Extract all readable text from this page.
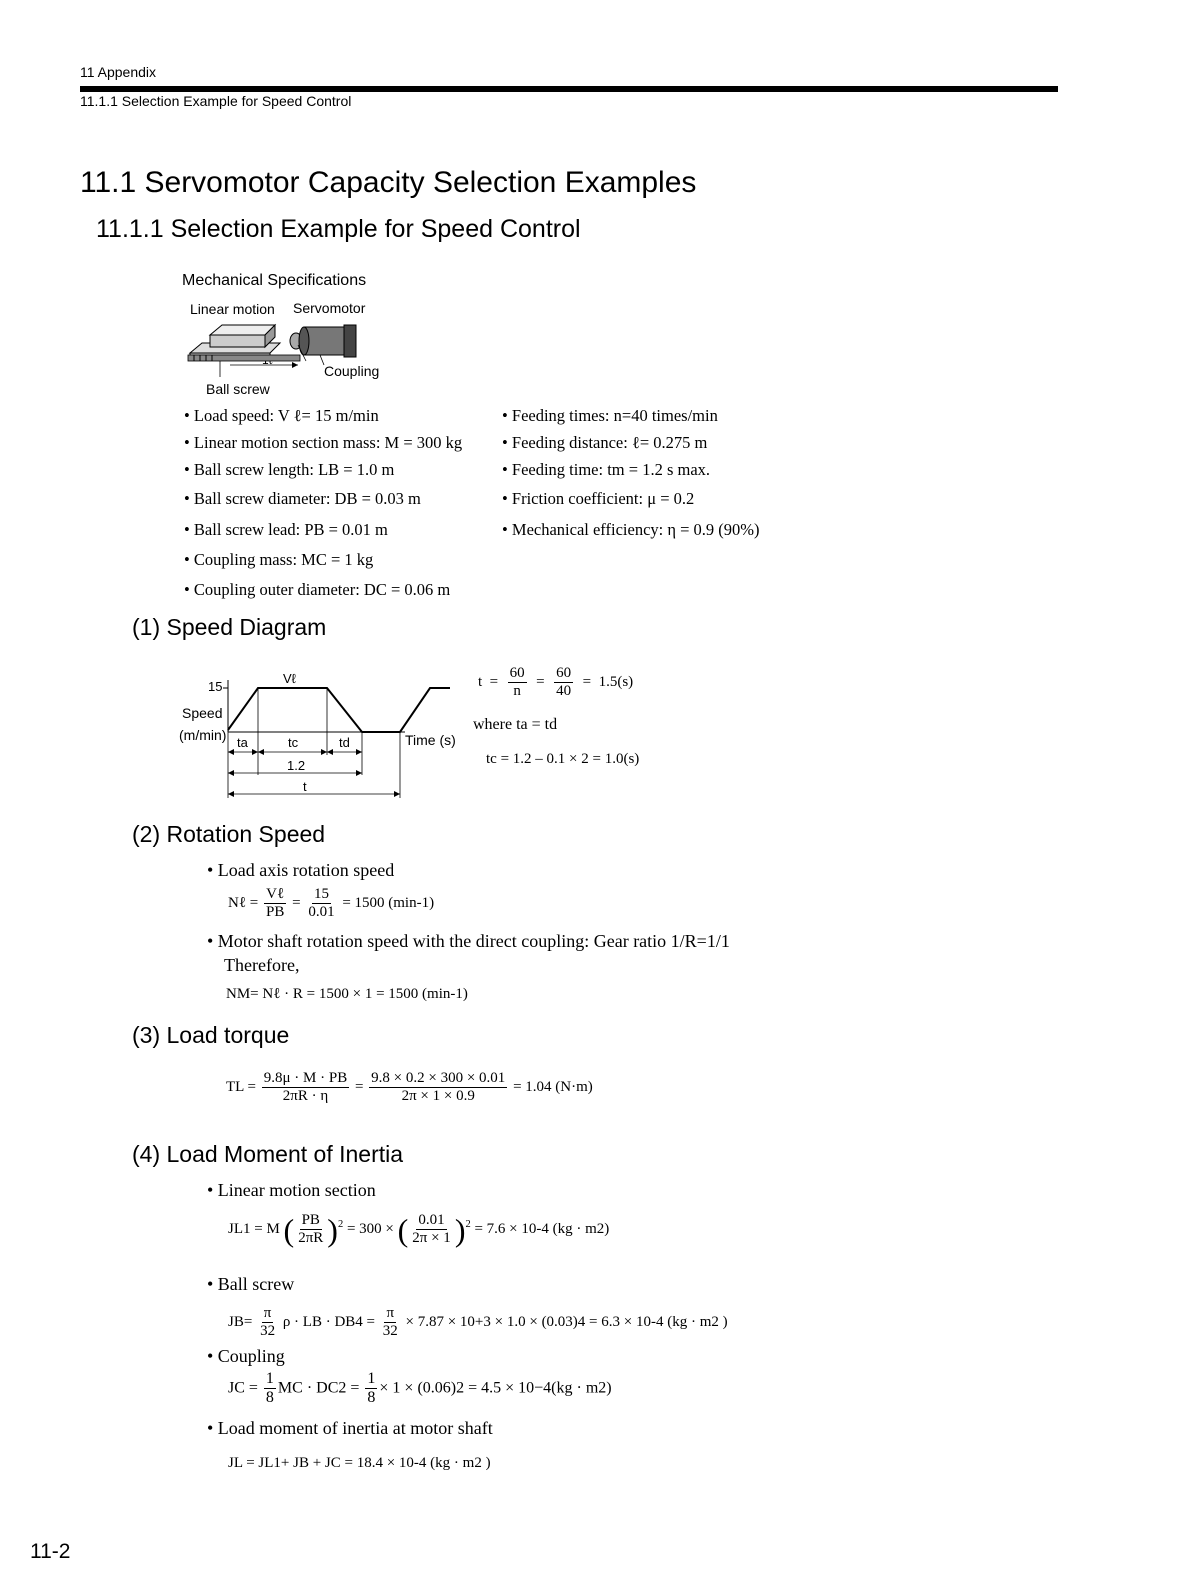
11 Appendix
11.1.1 Selection Example for Speed Control
11.1 Servomotor Capacity Selection Examples
11.1.1 Selection Example for Speed Control
Mechanical Specifications
Linear motion Servomotor
Coupling
Ball screw
• Load speed: V ℓ= 15 m/min
• Linear motion section mass: M = 300 kg
• Ball screw length: LB = 1.0 m
• Ball screw diameter: DB = 0.03 m
• Ball screw lead: PB = 0.01 m
• Coupling mass: MC = 1 kg
• Coupling outer diameter: DC = 0.06 m
• Feeding times: n=40 times/min
• Feeding distance: ℓ= 0.275 m
• Feeding time: tm = 1.2 s max.
• Friction coefficient: μ = 0.2
• Mechanical efficiency: η = 0.9 (90%)
(1) Speed Diagram
15
Speed
(m/min)
Vℓ
Time (s)
ta	tc	td
1.2
t
$t = \frac{60}{n} = \frac{60}{40} = 1.5(s)$
where ta = td
tc = 1.2 – 0.1 × 2 = 1.0(s)
(2) Rotation Speed
• Load axis rotation speed
Nℓ = $\frac{\text{Vℓ}}{PB} = \frac{15}{0.01} = 1500$ (min-1)
• Motor shaft rotation speed with the direct coupling: Gear ratio 1/R=1/1
Therefore,
NM= Nℓ · R = 1500 × 1 = 1500 (min-1)
(3) Load torque
TL = $\frac{9.8\mu \cdot M \cdot PB}{2\pi R \cdot \eta} = \frac{9.8 \times 0.2 \times 300 \times 0.01}{2\pi \times 1 \times 0.9} = 1.04$ (N·m)
(4) Load Moment of Inertia
• Linear motion section
JL1 = M ( $\frac{PB}{2\pi R} )^2 = 300$ × ( $\frac{0.01}{2\pi \times 1} )^2 = 7.6 \times 10-4$ (kg · m2)
• Ball screw
$JB= \frac{\pi}{32}$ ρ · LB · $DB4 = \frac{\pi}{32} \times 7.87 \times 10+3 \times 1.0 \times (0.03)4 = 6.3 \times 10-4$ (kg · m2 )
• Coupling
JC = $\frac{1}{8}$ MC · $DC2 = \frac{1}{8} \times 1 \times (0.06)2 = 4.5 \times 10-4(kg \cdot m2)$
• Load moment of inertia at motor shaft
JL = JL1+ JB + JC = 18.4 × 10-4 (kg · m2 )
11-2
